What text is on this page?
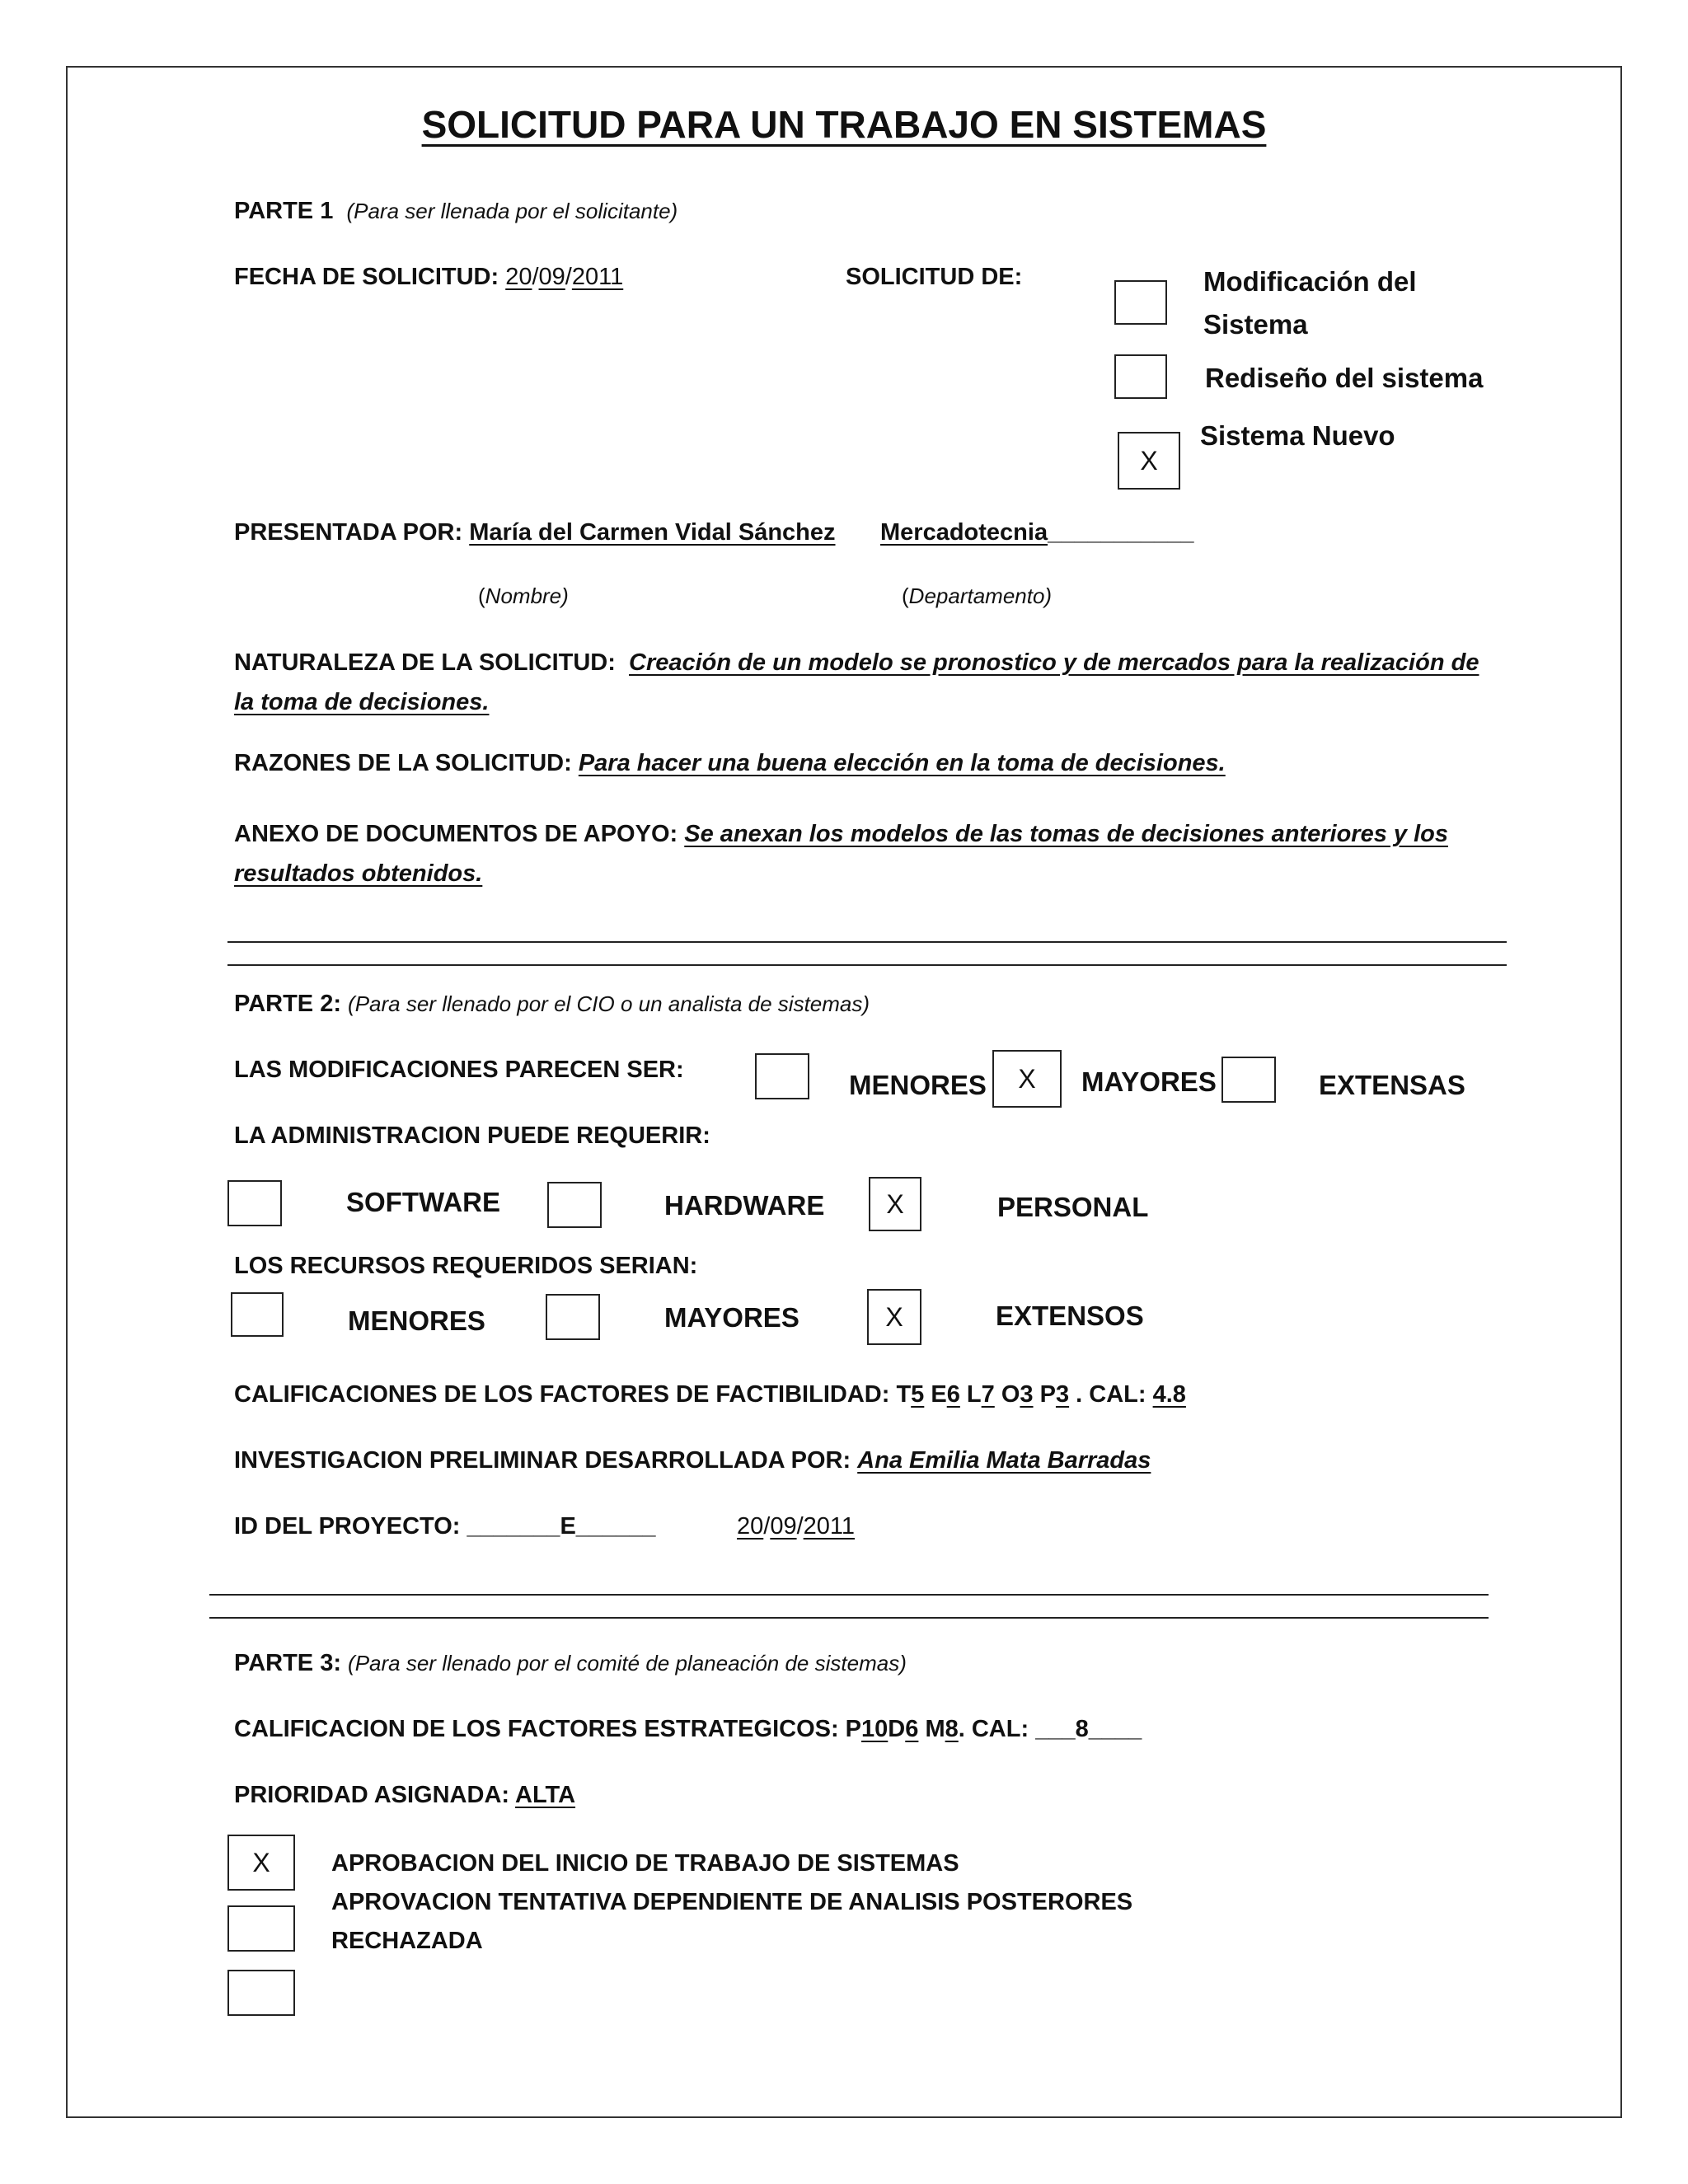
SOLICITUD PARA UN TRABAJO EN SISTEMAS
PARTE 1 (Para ser llenada por el solicitante)
FECHA DE SOLICITUD: 20/09/2011	SOLICITUD DE:	Modificación del
Sistema
Rediseño del sistema
X
Sistema Nuevo
PRESENTADA POR: María del Carmen Vidal Sánchez Mercadotecnia___________
(Nombre)	(Departamento)
NATURALEZA DE LA SOLICITUD: Creación de un modelo se pronostico y de mercados para la realización de
la toma de decisiones.
RAZONES DE LA SOLICITUD: Para hacer una buena elección en la toma de decisiones.
ANEXO DE DOCUMENTOS DE APOYO: Se anexan los modelos de las tomas de decisiones anteriores y los
resultados obtenidos.
PARTE 2: (Para ser llenado por el CIO o un analista de sistemas)
LAS MODIFICACIONES PARECEN SER:	MENORES	X	MAYORES	EXTENSAS
LA ADMINISTRACION PUEDE REQUERIR:
SOFTWARE	HARDWARE	X	PERSONAL
LOS RECURSOS REQUERIDOS SERIAN:
MENORES	MAYORES	X	EXTENSOS
CALIFICACIONES DE LOS FACTORES DE FACTIBILIDAD: T5 E6 L7 O3 P3 . CAL: 4.8
INVESTIGACION PRELIMINAR DESARROLLADA POR: Ana Emilia Mata Barradas
ID DEL PROYECTO: _______E______	20/09/2011
PARTE 3: (Para ser llenado por el comité de planeación de sistemas)
CALIFICACION DE LOS FACTORES ESTRATEGICOS: P10D6 M8. CAL: ___8____
PRIORIDAD ASIGNADA: ALTA
X	APROBACION DEL INICIO DE TRABAJO DE SISTEMAS
APROVACION TENTATIVA DEPENDIENTE DE ANALISIS POSTERORES
RECHAZADA
